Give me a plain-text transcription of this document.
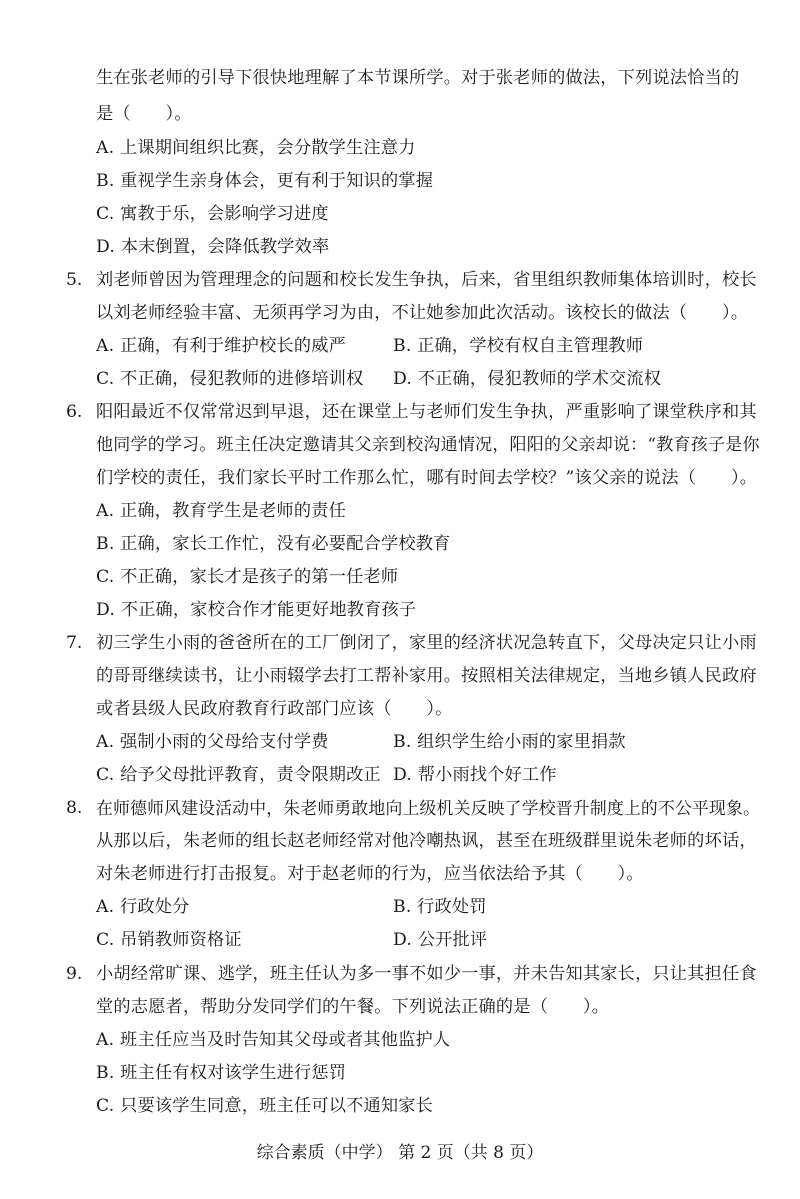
生在张老师的引导下很快地理解了本节课所学。对于张老师的做法，下列说法恰当的
是（　　）。
A. 上课期间组织比赛，会分散学生注意力
B. 重视学生亲身体会，更有利于知识的掌握
C. 寓教于乐，会影响学习进度
D. 本末倒置，会降低教学效率
5. 刘老师曾因为管理理念的问题和校长发生争执，后来，省里组织教师集体培训时，校长
以刘老师经验丰富、无须再学习为由，不让她参加此次活动。该校长的做法（　　）。
A. 正确，有利于维护校长的威严	B. 正确，学校有权自主管理教师
C. 不正确，侵犯教师的进修培训权 D. 不正确，侵犯教师的学术交流权
6. 阳阳最近不仅常常迟到早退，还在课堂上与老师们发生争执，严重影响了课堂秩序和其
他同学的学习。班主任决定邀请其父亲到校沟通情况，阳阳的父亲却说：“教育孩子是你
们学校的责任，我们家长平时工作那么忙，哪有时间去学校？”该父亲的说法（　　）。
A. 正确，教育学生是老师的责任
B. 正确，家长工作忙，没有必要配合学校教育
C. 不正确，家长才是孩子的第一任老师
D. 不正确，家校合作才能更好地教育孩子
7. 初三学生小雨的爸爸所在的工厂倒闭了，家里的经济状况急转直下，父母决定只让小雨
的哥哥继续读书，让小雨辍学去打工帮补家用。按照相关法律规定，当地乡镇人民政府
或者县级人民政府教育行政部门应该（　　）。
A. 强制小雨的父母给支付学费	B. 组织学生给小雨的家里捐款
C. 给予父母批评教育，责令限期改正 D. 帮小雨找个好工作
8. 在师德师风建设活动中，朱老师勇敢地向上级机关反映了学校晋升制度上的不公平现象。
从那以后，朱老师的组长赵老师经常对他冷嘲热讽，甚至在班级群里说朱老师的坏话，
对朱老师进行打击报复。对于赵老师的行为，应当依法给予其（　　）。
A. 行政处分	B. 行政处罚
C. 吊销教师资格证	D. 公开批评
9. 小胡经常旷课、逃学，班主任认为多一事不如少一事，并未告知其家长，只让其担任食
堂的志愿者，帮助分发同学们的午餐。下列说法正确的是（　　）。
A. 班主任应当及时告知其父母或者其他监护人
B. 班主任有权对该学生进行惩罚
C. 只要该学生同意，班主任可以不通知家长
综合素质（中学） 第 2 页（共 8 页）
